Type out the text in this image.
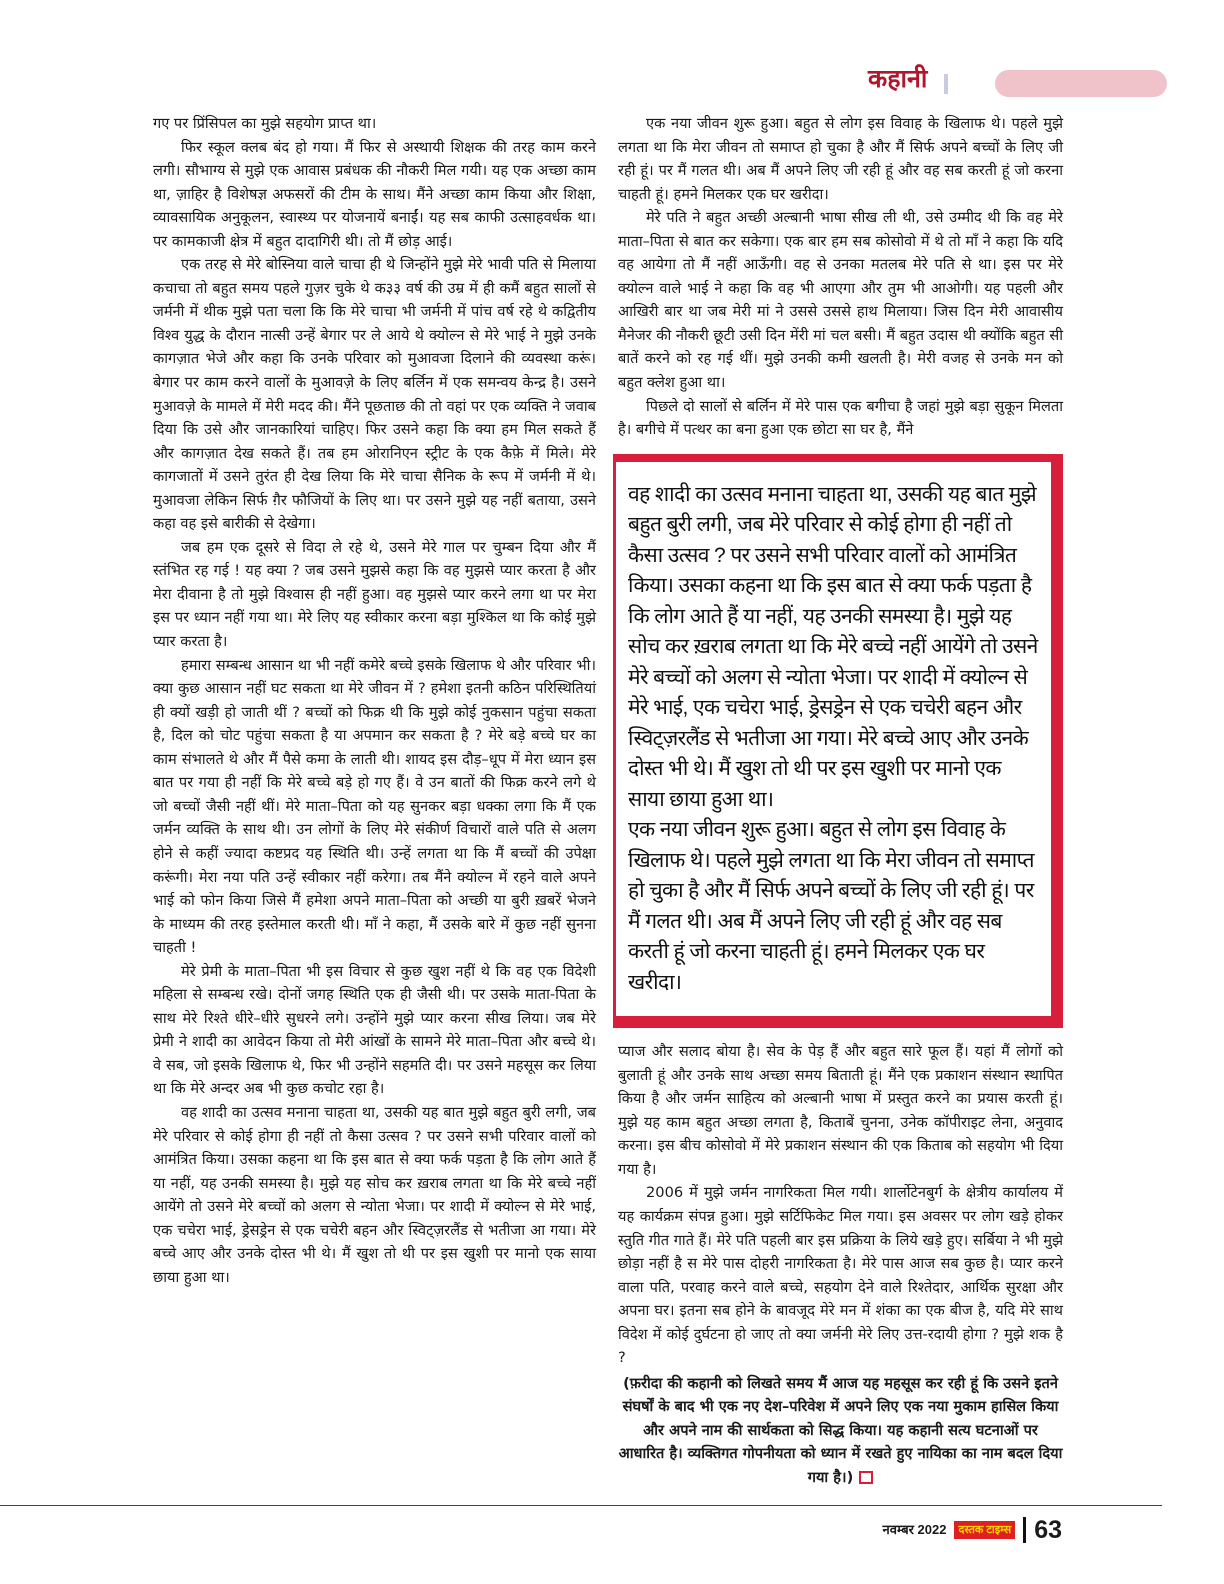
कहानी

गए पर प्रिंसिपल का मुझे सहयोग प्राप्त था।

फिर स्कूल क्लब बंद हो गया। मैं फिर से अस्थायी शिक्षक की तरह काम करने लगी। सौभाग्य से मुझे एक आवास प्रबंधक की नौकरी मिल गयी। यह एक अच्छा काम था, ज़ाहिर है विशेषज्ञ अफसरों की टीम के साथ। मैंने अच्छा काम किया और शिक्षा, व्यावसायिक अनुकूलन, स्वास्थ्य पर योजनायें बनाईं। यह सब काफी उत्साहवर्धक था। पर कामकाजी क्षेत्र में बहुत दादागिरी थी। तो मैं छोड़ आई।

एक तरह से मेरे बोस्निया वाले चाचा ही थे जिन्होंने मुझे मेरे भावी पति से मिलाया कचाचा तो बहुत समय पहले गुज़र चुके थे क३३ वर्ष की उम्र में ही कमैं बहुत सालों से जर्मनी में थीक मुझे पता चला कि कि मेरे चाचा भी जर्मनी में पांच वर्ष रहे थे कद्वितीय विश्व युद्ध के दौरान नात्सी उन्हें बेगार पर ले आये थे क्योल्न से मेरे भाई ने मुझे उनके कागज़ात भेजे और कहा कि उनके परिवार को मुआवजा दिलाने की व्यवस्था करूं। बेगार पर काम करने वालों के मुआवज़े के लिए बर्लिन में एक समन्वय केन्द्र है। उसने मुआवज़े के मामले में मेरी मदद की। मैंने पूछताछ की तो वहां पर एक व्यक्ति ने जवाब दिया कि उसे और जानकारियां चाहिए। फिर उसने कहा कि क्या हम मिल सकते हैं और कागज़ात देख सकते हैं। तब हम ओरानिएन स्ट्रीट के एक कैफ़े में मिले। मेरे कागजातों में उसने तुरंत ही देख लिया कि मेरे चाचा सैनिक के रूप में जर्मनी में थे। मुआवजा लेकिन सिर्फ ग़ैर फौजियों के लिए था। पर उसने मुझे यह नहीं बताया, उसने कहा वह इसे बारीकी से देखेगा।

जब हम एक दूसरे से विदा ले रहे थे, उसने मेरे गाल पर चुम्बन दिया और मैं स्तंभित रह गई ! यह क्या ? जब उसने मुझसे कहा कि वह मुझसे प्यार करता है और मेरा दीवाना है तो मुझे विश्वास ही नहीं हुआ। वह मुझसे प्यार करने लगा था पर मेरा इस पर ध्यान नहीं गया था। मेरे लिए यह स्वीकार करना बड़ा मुश्किल था कि कोई मुझे प्यार करता है।

हमारा सम्बन्ध आसान था भी नहीं कमेरे बच्चे इसके खिलाफ थे और परिवार भी। क्या कुछ आसान नहीं घट सकता था मेरे जीवन में ? हमेशा इतनी कठिन परिस्थितियां ही क्यों खड़ी हो जाती थीं ? बच्चों को फिक्र थी कि मुझे कोई नुकसान पहुंचा सकता है, दिल को चोट पहुंचा सकता है या अपमान कर सकता है ? मेरे बड़े बच्चे घर का काम संभालते थे और मैं पैसे कमा के लाती थी। शायद इस दौड़–धूप में मेरा ध्यान इस बात पर गया ही नहीं कि मेरे बच्चे बड़े हो गए हैं। वे उन बातों की फिक्र करने लगे थे जो बच्चों जैसी नहीं थीं। मेरे माता–पिता को यह सुनकर बड़ा धक्का लगा कि मैं एक जर्मन व्यक्ति के साथ थी। उन लोगों के लिए मेरे संकीर्ण विचारों वाले पति से अलग होने से कहीं ज्यादा कष्टप्रद यह स्थिति थी। उन्हें लगता था कि मैं बच्चों की उपेक्षा करूंगी। मेरा नया पति उन्हें स्वीकार नहीं करेगा। तब मैंने क्योल्न में रहने वाले अपने भाई को फोन किया जिसे मैं हमेशा अपने माता–पिता को अच्छी या बुरी ख़बरें भेजने के माध्यम की तरह इस्तेमाल करती थी। माँ ने कहा, मैं उसके बारे में कुछ नहीं सुनना चाहती !

मेरे प्रेमी के माता–पिता भी इस विचार से कुछ खुश नहीं थे कि वह एक विदेशी महिला से सम्बन्ध रखे। दोनों जगह स्थिति एक ही जैसी थी। पर उसके माता-पिता के साथ मेरे रिश्ते धीरे–धीरे सुधरने लगे। उन्होंने मुझे प्यार करना सीख लिया। जब मेरे प्रेमी ने शादी का आवेदन किया तो मेरी आंखों के सामने मेरे माता–पिता और बच्चे थे। वे सब, जो इसके खिलाफ थे, फिर भी उन्होंने सहमति दी। पर उसने महसूस कर लिया था कि मेरे अन्दर अब भी कुछ कचोट रहा है।

वह शादी का उत्सव मनाना चाहता था, उसकी यह बात मुझे बहुत बुरी लगी, जब मेरे परिवार से कोई होगा ही नहीं तो कैसा उत्सव ? पर उसने सभी परिवार वालों को आमंत्रित किया। उसका कहना था कि इस बात से क्या फर्क पड़ता है कि लोग आते हैं या नहीं, यह उनकी समस्या है। मुझे यह सोच कर ख़राब लगता था कि मेरे बच्चे नहीं आयेंगे तो उसने मेरे बच्चों को अलग से न्योता भेजा। पर शादी में क्योल्न से मेरे भाई, एक चचेरा भाई, ड्रेसड्रेन से एक चचेरी बहन और स्विट्ज़रलैंड से भतीजा आ गया। मेरे बच्चे आए और उनके दोस्त भी थे। मैं खुश तो थी पर इस खुशी पर मानो एक साया छाया हुआ था।

एक नया जीवन शुरू हुआ। बहुत से लोग इस विवाह के खिलाफ थे। पहले मुझे लगता था कि मेरा जीवन तो समाप्त हो चुका है और मैं सिर्फ अपने बच्चों के लिए जी रही हूं। पर मैं गलत थी। अब मैं अपने लिए जी रही हूं और वह सब करती हूं जो करना चाहती हूं। हमने मिलकर एक घर खरीदा।

मेरे पति ने बहुत अच्छी अल्बानी भाषा सीख ली थी, उसे उम्मीद थी कि वह मेरे माता–पिता से बात कर सकेगा। एक बार हम सब कोसोवो में थे तो माँ ने कहा कि यदि वह आयेगा तो मैं नहीं आऊँगी। वह से उनका मतलब मेरे पति से था। इस पर मेरे क्योल्न वाले भाई ने कहा कि वह भी आएगा और तुम भी आओगी। यह पहली और आखिरी बार था जब मेरी मां ने उससे उससे हाथ मिलाया। जिस दिन मेरी आवासीय मैनेजर की नौकरी छूटी उसी दिन मेंरी मां चल बसी। मैं बहुत उदास थी क्योंकि बहुत सी बातें करने को रह गई थीं। मुझे उनकी कमी खलती है। मेरी वजह से उनके मन को बहुत क्लेश हुआ था।

पिछले दो सालों से बर्लिन में मेरे पास एक बगीचा है जहां मुझे बड़ा सुकून मिलता है। बगीचे में पत्थर का बना हुआ एक छोटा सा घर है, मैंने

वह शादी का उत्सव मनाना चाहता था, उसकी यह बात मुझे बहुत बुरी लगी, जब मेरे परिवार से कोई होगा ही नहीं तो कैसा उत्सव ? पर उसने सभी परिवार वालों को आमंत्रित किया। उसका कहना था कि इस बात से क्या फर्क पड़ता है कि लोग आते हैं या नहीं, यह उनकी समस्या है। मुझे यह सोच कर ख़राब लगता था कि मेरे बच्चे नहीं आयेंगे तो उसने मेरे बच्चों को अलग से न्योता भेजा। पर शादी में क्योल्न से मेरे भाई, एक चचेरा भाई, ड्रेसड्रेन से एक चचेरी बहन और स्विट्ज़रलैंड से भतीजा आ गया। मेरे बच्चे आए और उनके दोस्त भी थे। मैं खुश तो थी पर इस खुशी पर मानो एक साया छाया हुआ था।

एक नया जीवन शुरू हुआ। बहुत से लोग इस विवाह के खिलाफ थे। पहले मुझे लगता था कि मेरा जीवन तो समाप्त हो चुका है और मैं सिर्फ अपने बच्चों के लिए जी रही हूं। पर मैं गलत थी। अब मैं अपने लिए जी रही हूं और वह सब करती हूं जो करना चाहती हूं। हमने मिलकर एक घर खरीदा।

प्याज और सलाद बोया है। सेव के पेड़ हैं और बहुत सारे फूल हैं। यहां मैं लोगों को बुलाती हूं और उनके साथ अच्छा समय बिताती हूं। मैंने एक प्रकाशन संस्थान स्थापित किया है और जर्मन साहित्य को अल्बानी भाषा में प्रस्तुत करने का प्रयास करती हूं। मुझे यह काम बहुत अच्छा लगता है, किताबें चुनना, उनेक कॉपीराइट लेना, अनुवाद करना। इस बीच कोसोवो में मेरे प्रकाशन संस्थान की एक किताब को सहयोग भी दिया गया है।

2006 में मुझे जर्मन नागरिकता मिल गयी। शार्लोटेनबुर्ग के क्षेत्रीय कार्यालय में यह कार्यक्रम संपन्न हुआ। मुझे सर्टिफिकेट मिल गया। इस अवसर पर लोग खड़े होकर स्तुति गीत गाते हैं। मेरे पति पहली बार इस प्रक्रिया के लिये खड़े हुए। सर्बिया ने भी मुझे छोड़ा नहीं है स मेरे पास दोहरी नागरिकता है। मेरे पास आज सब कुछ है। प्यार करने वाला पति, परवाह करने वाले बच्चे, सहयोग देने वाले रिश्तेदार, आर्थिक सुरक्षा और अपना घर। इतना सब होने के बावजूद मेरे मन में शंका का एक बीज है, यदि मेरे साथ विदेश में कोई दुर्घटना हो जाए तो क्या जर्मनी मेरे लिए उत्त-रदायी होगा ? मुझे शक है ?

(फ़रीदा की कहानी को लिखते समय मैं आज यह महसूस कर रही हूं कि उसने इतने संघर्षों के बाद भी एक नए देश–परिवेश में अपने लिए एक नया मुकाम हासिल किया और अपने नाम की सार्थकता को सिद्ध किया। यह कहानी सत्य घटनाओं पर आधारित है। व्यक्तिगत गोपनीयता को ध्यान में रखते हुए नायिका का नाम बदल दिया गया है।)
नवम्बर 2022	दस्तक टाइम्स 63
